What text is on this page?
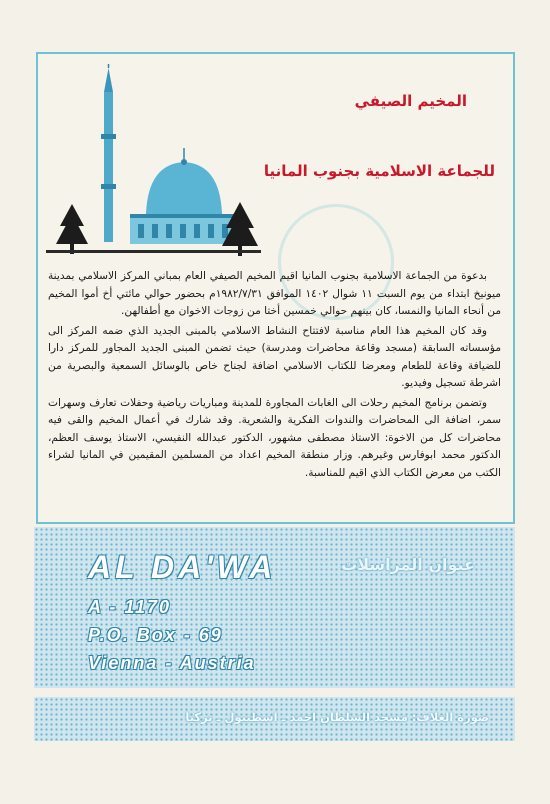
المخيم الصيفي
للجماعة الاسلامية بجنوب المانيا

بدعوة من الجماعة الاسلامية بجنوب المانيا اقيم المخيم الصيفي العام بمباني المركز الاسلامي بمدينة ميونيخ ابتداء من يوم السبت ١١ شوال ١٤٠٢ الموافق ١٩٨٢/٧/٣١م بحضور حوالي مائتي أخ أموا المخيم من أنحاء المانيا والنمسا، كان بينهم حوالي خمسين أختا من زوجات الاخوان مع أطفالهن.

وقد كان المخيم هذا العام مناسبة لافتتاح النشاط الاسلامي بالمبنى الجديد الذي ضمه المركز الى مؤسساته السابقة (مسجد وقاعة محاضرات ومدرسة) حيث تضمن المبنى الجديد المجاور للمركز دارا للضيافة وقاعة للطعام ومعرضا للكتاب الاسلامي اضافة لجناح خاص بالوسائل السمعية والبصرية من اشرطة تسجيل وفيديو.

وتضمن برنامج المخيم رحلات الى الغابات المجاورة للمدينة ومباريات رياضية وحفلات تعارف وسهرات سمر، اضافة الى المحاضرات والندوات الفكرية والشعرية. وقد شارك في أعمال المخيم والقى فيه محاضرات كل من الاخوة: الاستاذ مصطفى مشهور، الدكتور عبدالله النفيسي، الاستاذ يوسف العظم، الدكتور محمد ابوفارس وغيرهم. وزار منطقة المخيم اعداد من المسلمين المقيمين في المانيا لشراء الكتب من معرض الكتاب الذي اقيم للمناسبة.

عنوان المراسلات
AL DA'WA
A - 1170
P.O. Box - 69
Vienna - Austria
صورة الغلاف: مسجد السلطان احمد ـ اسطنبول ـ تركيا
